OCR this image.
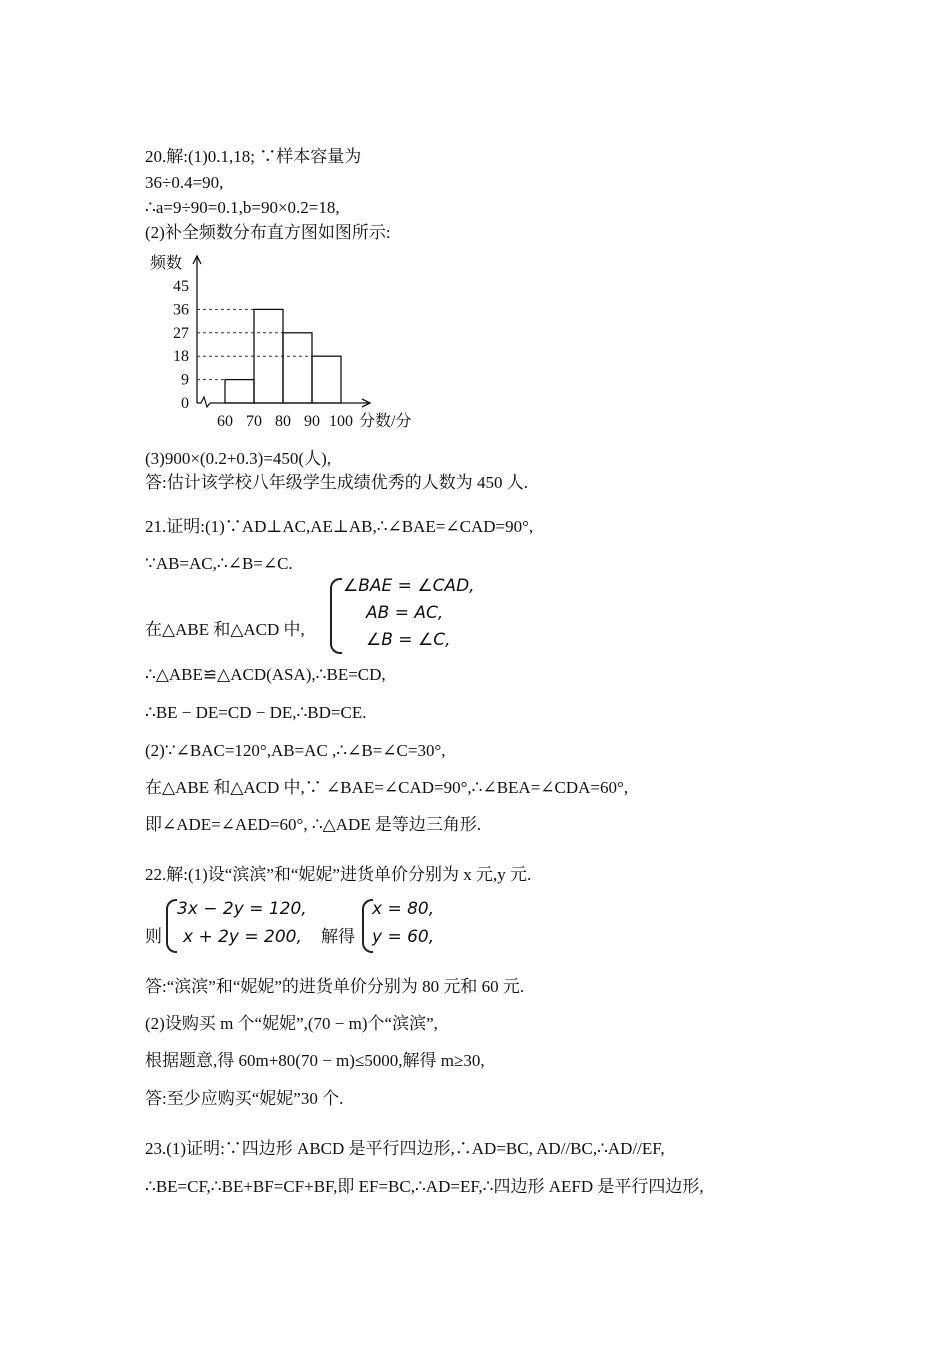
20.解:(1)0.1,18; ∵样本容量为
36÷0.4=90,
∴a=9÷90=0.1,b=90×0.2=18,
(2)补全频数分布直方图如图所示:
频数
0
9
18
27
36
45
60 70 80 90 100 分数/分
(3)900×(0.2+0.3)=450(人),
答:估计该学校八年级学生成绩优秀的人数为 450 人.
21.证明:(1)∵AD⊥AC,AE⊥AB,∴∠BAE=∠CAD=90°,
∵AB=AC,∴∠B=∠C.
在△ABE 和△ACD 中,
∠BAE = ∠CAD,
AB = AC,
∠B = ∠C,
∴△ABE≌△ACD(ASA),∴BE=CD,
∴BE − DE=CD − DE,∴BD=CE.
(2)∵∠BAC=120°,AB=AC ,∴∠B=∠C=30°,
在△ABE 和△ACD 中,∵ ∠BAE=∠CAD=90°,∴∠BEA=∠CDA=60°,
即∠ADE=∠AED=60°, ∴△ADE 是等边三角形.
22.解:(1)设“滨滨”和“妮妮”进货单价分别为 x 元,y 元.
则
3x − 2y = 120,
x + 2y = 200, 解得
x = 80,
y = 60,
答:“滨滨”和“妮妮”的进货单价分别为 80 元和 60 元.
(2)设购买 m 个“妮妮”,(70 − m)个“滨滨”,
根据题意,得 60m+80(70 − m)≤5000,解得 m≥30,
答:至少应购买“妮妮”30 个.
23.(1)证明:∵四边形 ABCD 是平行四边形,∴AD=BC, AD//BC,∴AD//EF,
∴BE=CF,∴BE+BF=CF+BF,即 EF=BC,∴AD=EF,∴四边形 AEFD 是平行四边形,
